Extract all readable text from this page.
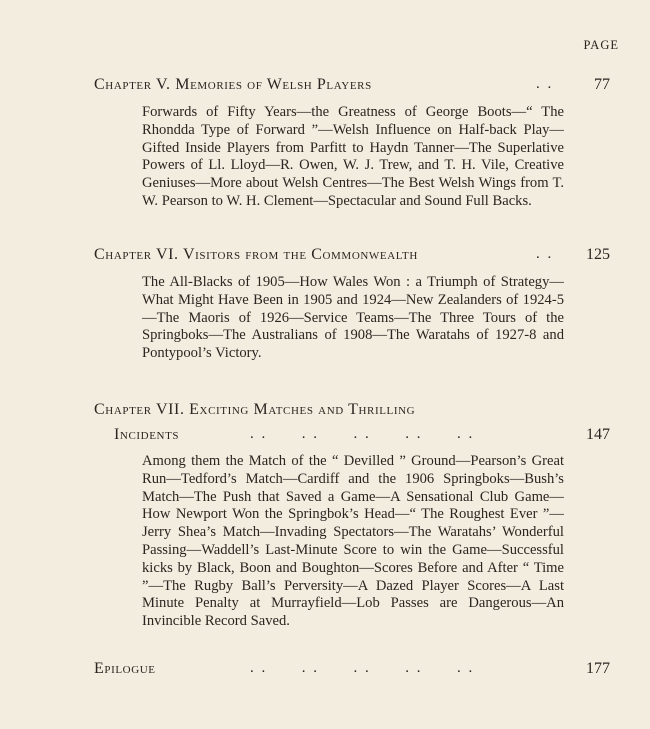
PAGE
Chapter V. Memories of Welsh Players	. .	77
Forwards of Fifty Years—the Greatness of George Boots—“ The Rhondda Type of Forward ”—Welsh Influence on Half-back Play—Gifted Inside Players from Parfitt to Haydn Tanner—The Superlative Powers of Ll. Lloyd—R. Owen, W. J. Trew, and T. H. Vile, Creative Geniuses—More about Welsh Centres—The Best Welsh Wings from T. W. Pearson to W. H. Clement—Spectacular and Sound Full Backs.
Chapter VI. Visitors from the Commonwealth	. . 125
The All-Blacks of 1905—How Wales Won : a Triumph of Strategy—What Might Have Been in 1905 and 1924—New Zealanders of 1924-5—The Maoris of 1926—Service Teams—The Three Tours of the Springboks—The Australians of 1908—The Waratahs of 1927-8 and Pontypool’s Victory.
Chapter VII. Exciting Matches and Thrilling
Incidents	. .      . .      . .      . .      . .	147
Among them the Match of the “ Devilled ” Ground—Pearson’s Great Run—Tedford’s Match—Cardiff and the 1906 Springboks—Bush’s Match—The Push that Saved a Game—A Sensational Club Game—How Newport Won the Springbok’s Head—“ The Roughest Ever ”—Jerry Shea’s Match—Invading Spectators—The Waratahs’ Wonderful Passing—Waddell’s Last-Minute Score to win the Game—Successful kicks by Black, Boon and Boughton—Scores Before and After “ Time ”—The Rugby Ball’s Perversity—A Dazed Player Scores—A Last Minute Penalty at Murrayfield—Lob Passes are Dangerous—An Invincible Record Saved.
Epilogue	. .      . .      . .      . .      . .	177
